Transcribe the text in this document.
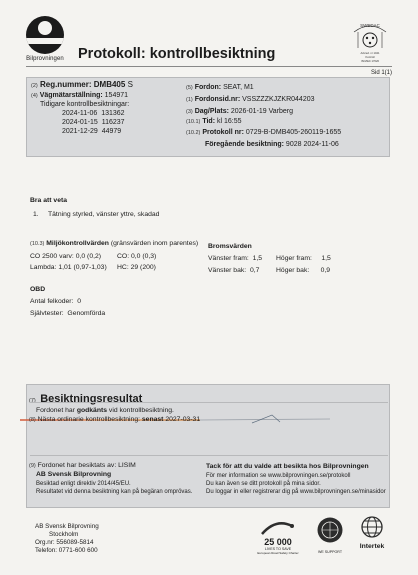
Bilprovningen Protokoll: kontrollbesiktning
SWEDAC
Ackred. nr 1041
Kontroll
ISO/IEC 17020
Sid 1(1)
(2) Reg.nummer: DMB405 S
(4) Vägmätarställning: 154971
Tidigare kontrollbesiktningar:
2024-11-06 131362
2024-01-15 116237
2021-12-29 44979
(5) Fordon: SEAT, M1
(1) Fordonsid.nr: VSSZZZKJZKR044203
(3) Dag/Plats: 2026-01-19 Varberg
(10.1) Tid: kl 16:55
(10.2) Protokoll nr: 0729-B-DMB405-260119-1655
Föregående besiktning: 9028 2024-11-06
Bra att veta
1. Tätning styrled, vänster yttre, skadad
(10.3) Miljökontrollvärden (gränsvärden inom parentes)
CO 2500 varv: 0,0 (0,2) CO: 0,0 (0,3)
Lambda: 1,01 (0,97-1,03) HC: 29 (200)
Bromsvärden
Vänster fram: 1,5 Höger fram: 1,5
Vänster bak: 0,7 Höger bak: 0,9
OBD
Antal felkoder: 0
Självtester: Genomförda
(7) Besiktningsresultat
Fordonet har godkänts vid kontrollbesiktning.
(8) Nästa ordinarie kontrollbesiktning: senast 2027-03-31
(9) Fordonet har besiktats av: LISIM
AB Svensk Bilprovning
Besiktad enligt direktiv 2014/45/EU.
Resultatet vid denna besiktning kan på begäran omprövas.
Tack för att du valde att besikta hos Bilprovningen
För mer information se www.bilprovningen.se/protokoll
Du kan även se ditt protokoll på mina sidor.
Du loggar in eller registrerar dig på www.bilprovningen.se/minasidor
AB Svensk Bilprovning
Stockholm
Org.nr: 556089-5814
Telefon: 0771-600 600
25 000
LIVES TO SAVE
European Road Safety Charter	WE SUPPORT
Intertek
